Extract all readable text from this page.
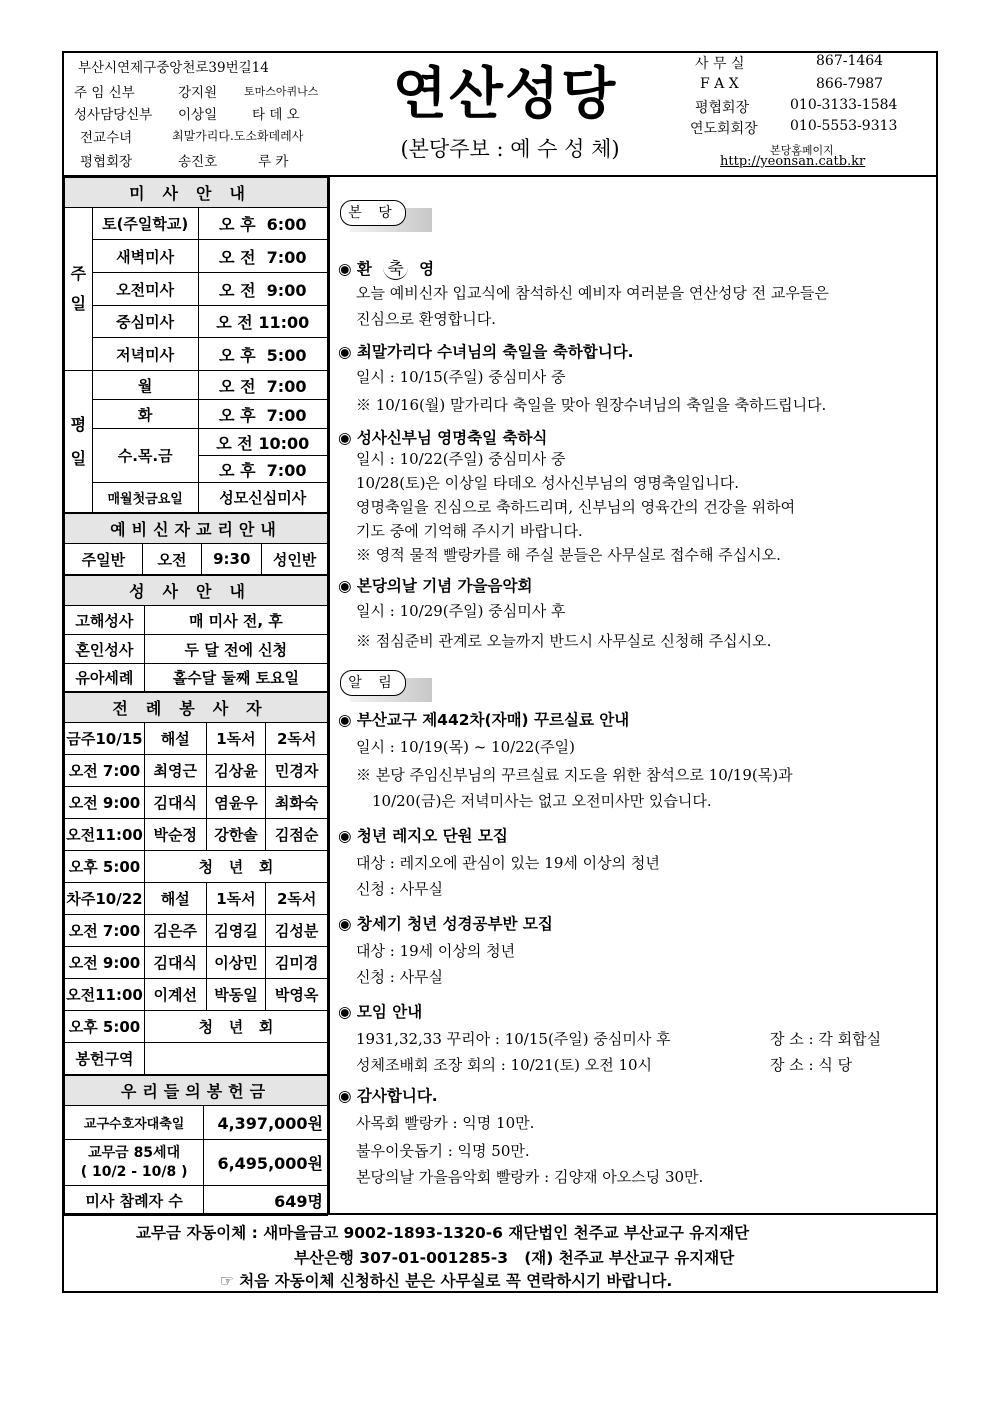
부산시연제구중앙천로39번길14
주 임 신부	강지원 토마스아퀴나스
성사담당신부 이상일	타 데 오
전교수녀	최말가리다.도소화데레사
평협회장	송진호	루 카
연산성당
(본당주보 : 예 수 성 체)
사 무 실	867-1464
F A X	866-7987
평협회장	010-3133-1584
연도회회장 010-5553-9313
본당홈페이지
http://yeonsan.catb.kr
미사안내		
주일	토(주일학교)	오 후  6:00
	새벽미사	오 전  7:00
	오전미사	오 전  9:00
	중심미사	오 전 11:00
	저녁미사	오 후  5:00
평일	월	오 전  7:00
	화	오 후  7:00
	수.목.금	오 전 10:00
		오 후  7:00
	매월첫금요일	성모신심미사
예비신자교리안내
주일반	오전	9:30	성인반
성사안내	
고해성사	매 미사 전, 후
혼인성사	두 달 전에 신청
유아세례	홀수달 둘째 토요일
전례봉사자			
금주10/15	해설	1독서	2독서
오전 7:00	최영근	김상윤	민경자
오전 9:00	김대식	염윤우	최화숙
오전11:00	박순정	강한솔	김점순
오후 5:00	청   년   회		
차주10/22	해설	1독서	2독서
오전 7:00	김은주	김영길	김성분
오전 9:00	김대식	이상민	김미경
오전11:00	이계선	박동일	박영옥
오후 5:00	청   년   회		
봉헌구역			
우리들의봉헌금	
교구수호자대축일	4,397,000원
교무금 85세대
( 10/2 - 10/8 )	6,495,000원
미사 참례자 수	649명
본 당
◉ 환 축 영
오늘 예비신자 입교식에 참석하신 예비자 여러분을 연산성당 전 교우들은
진심으로 환영합니다.
◉ 최말가리다 수녀님의 축일을 축하합니다.
일시 : 10/15(주일) 중심미사 중
※ 10/16(월) 말가리다 축일을 맞아 원장수녀님의 축일을 축하드립니다.
◉ 성사신부님 영명축일 축하식
일시 : 10/22(주일) 중심미사 중
10/28(토)은 이상일 타데오 성사신부님의 영명축일입니다.
영명축일을 진심으로 축하드리며, 신부님의 영육간의 건강을 위하여
기도 중에 기억해 주시기 바랍니다.
※ 영적 물적 빨랑카를 해 주실 분들은 사무실로 접수해 주십시오.
◉ 본당의날 기념 가을음악회
일시 : 10/29(주일) 중심미사 후
※ 점심준비 관계로 오늘까지 반드시 사무실로 신청해 주십시오.
알 림
◉ 부산교구 제442차(자매) 꾸르실료 안내
일시 : 10/19(목) ~ 10/22(주일)
※ 본당 주임신부님의 꾸르실료 지도을 위한 참석으로 10/19(목)과
10/20(금)은 저녁미사는 없고 오전미사만 있습니다.
◉ 청년 레지오 단원 모집
대상 : 레지오에 관심이 있는 19세 이상의 청년
신청 : 사무실
◉ 창세기 청년 성경공부반 모집
대상 : 19세 이상의 청년
신청 : 사무실
◉ 모임 안내
1931,32,33 꾸리아 : 10/15(주일) 중심미사 후	장 소 : 각 회합실
성체조배회 조장 회의 : 10/21(토) 오전 10시	장 소 : 식 당
◉ 감사합니다.
사목회 빨랑카 : 익명 10만.
불우이웃돕기 : 익명 50만.
본당의날 가을음악회 빨랑카 : 김양재 아오스딩 30만.
교무금 자동이체 : 새마을금고 9002-1893-1320-6 재단법인 천주교 부산교구 유지재단
부산은행 307-01-001285-3   (재) 천주교 부산교구 유지재단
☞ 처음 자동이체 신청하신 분은 사무실로 꼭 연락하시기 바랍니다.
